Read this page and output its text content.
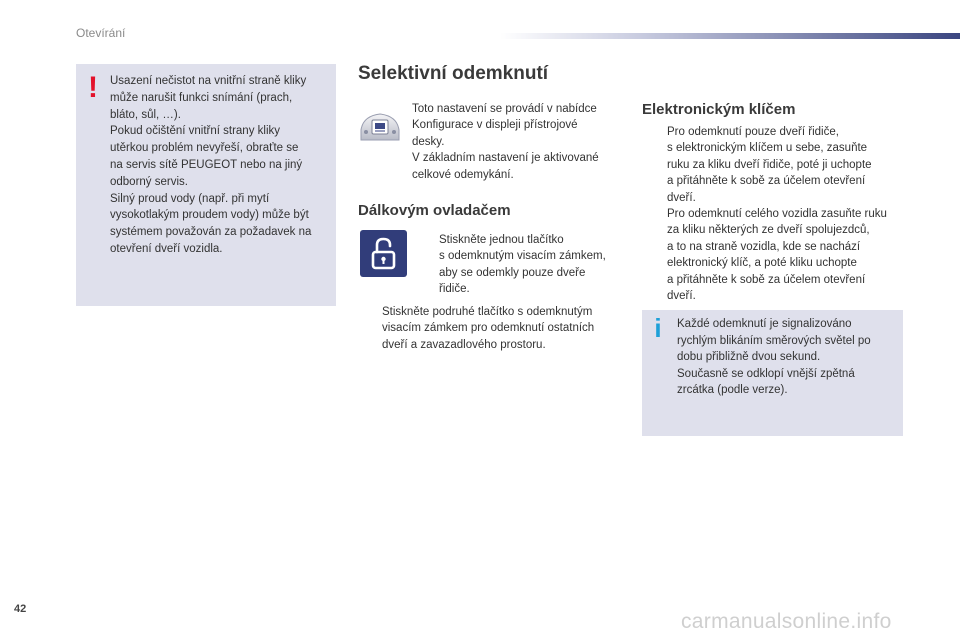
Otevírání
! Usazení nečistot na vnitřní straně kliky
může narušit funkci snímání (prach,
bláto, sůl, …).
Pokud očištění vnitřní strany kliky
utěrkou problém nevyřeší, obraťte se
na servis sítě PEUGEOT nebo na jiný
odborný servis.
Silný proud vody (např. při mytí
vysokotlakým proudem vody) může být
systémem považován za požadavek na
otevření dveří vozidla.
Selektivní odemknutí
Toto nastavení se provádí v nabídce
Konfigurace v displeji přístrojové
desky.
V základním nastavení je aktivované
celkové odemykání.
Dálkovým ovladačem
Stiskněte jednou tlačítko
s odemknutým visacím zámkem,
aby se odemkly pouze dveře
řidiče.
Stiskněte podruhé tlačítko s odemknutým
visacím zámkem pro odemknutí ostatních
dveří a zavazadlového prostoru.
Elektronickým klíčem
Pro odemknutí pouze dveří řidiče,
s elektronickým klíčem u sebe, zasuňte
ruku za kliku dveří řidiče, poté ji uchopte
a přitáhněte k sobě za účelem otevření
dveří.
Pro odemknutí celého vozidla zasuňte ruku
za kliku některých ze dveří spolujezdců,
a to na straně vozidla, kde se nachází
elektronický klíč, a poté kliku uchopte
a přitáhněte k sobě za účelem otevření
dveří.
i Každé odemknutí je signalizováno
rychlým blikáním směrových světel po
dobu přibližně dvou sekund.
Současně se odklopí vnější zpětná
zrcátka (podle verze).
42
carmanualsonline.info
